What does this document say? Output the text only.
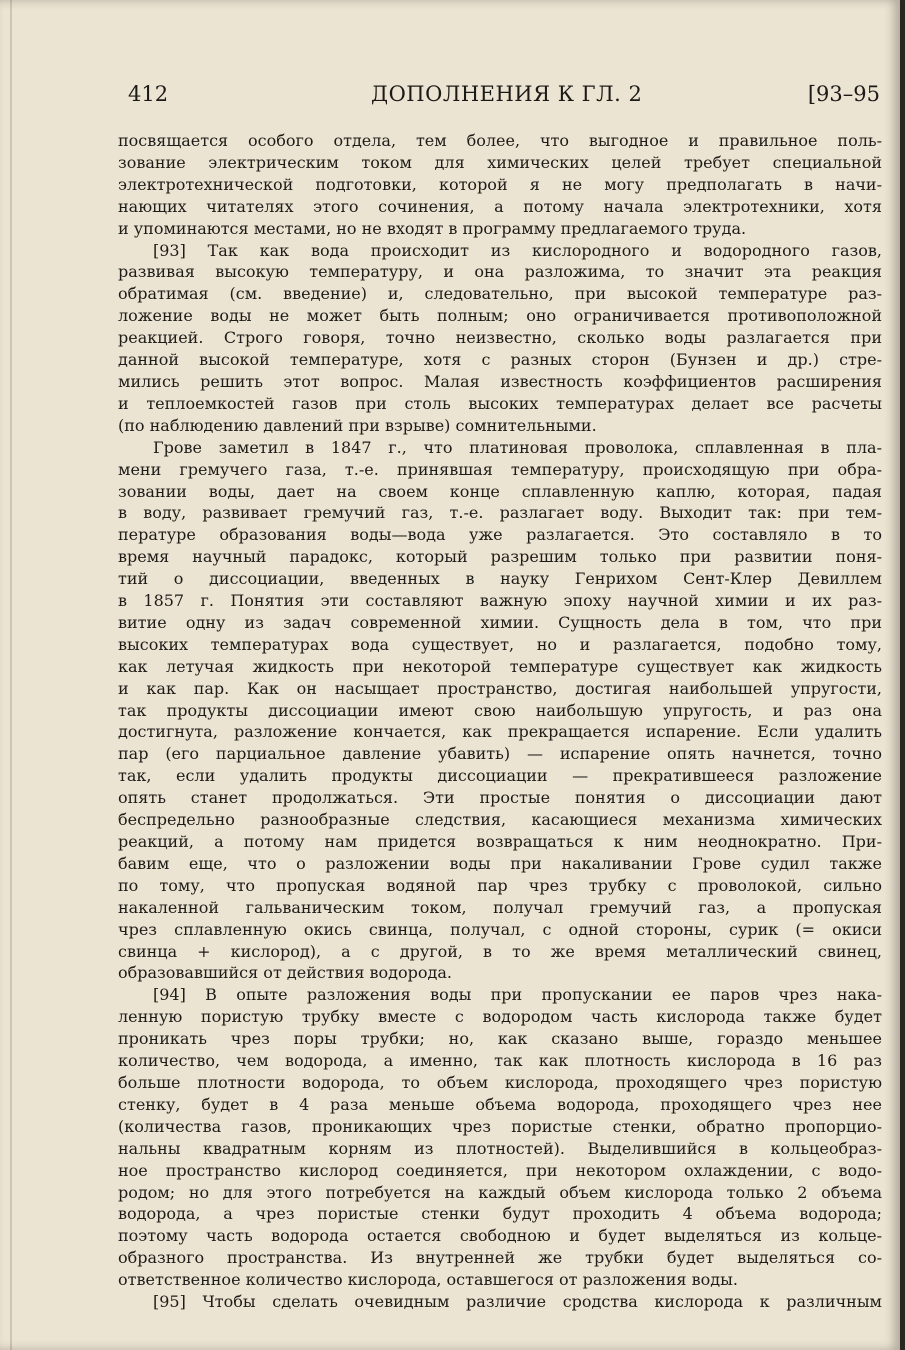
412	ДОПОЛНЕНИЯ К ГЛ. 2	[93–95

посвящается особого отдела, тем более, что выгодное и правильное поль-
зование электрическим током для химических целей требует специальной
электротехнической подготовки, которой я не могу предполагать в начи-
нающих читателях этого сочинения, а потому начала электротехники, хотя
и упоминаются местами, но не входят в программу предлагаемого труда.

[93] Так как вода происходит из кислородного и водородного газов,
развивая высокую температуру, и она разложима, то значит эта реакция
обратимая (см. введение) и, следовательно, при высокой температуре раз-
ложение воды не может быть полным; оно ограничивается противоположной
реакцией. Строго говоря, точно неизвестно, сколько воды разлагается при
данной высокой температуре, хотя с разных сторон (Бунзен и др.) стре-
мились решить этот вопрос. Малая известность коэффициентов расширения
и теплоемкостей газов при столь высоких температурах делает все расчеты
(по наблюдению давлений при взрыве) сомнительными.

Грове заметил в 1847 г., что платиновая проволока, сплавленная в пла-
мени гремучего газа, т.-е. принявшая температуру, происходящую при обра-
зовании воды, дает на своем конце сплавленную каплю, которая, падая
в воду, развивает гремучий газ, т.-е. разлагает воду. Выходит так: при тем-
пературе образования воды—вода уже разлагается. Это составляло в то
время научный парадокс, который разрешим только при развитии поня-
тий о диссоциации, введенных в науку Генрихом Сент-Клер Девиллем
в 1857 г. Понятия эти составляют важную эпоху научной химии и их раз-
витие одну из задач современной химии. Сущность дела в том, что при
высоких температурах вода существует, но и разлагается, подобно тому,
как летучая жидкость при некоторой температуре существует как жидкость
и как пар. Как он насыщает пространство, достигая наибольшей упругости,
так продукты диссоциации имеют свою наибольшую упругость, и раз она
достигнута, разложение кончается, как прекращается испарение. Если удалить
пар (его парциальное давление убавить) — испарение опять начнется, точно
так, если удалить продукты диссоциации — прекратившееся разложение
опять станет продолжаться. Эти простые понятия о диссоциации дают
беспредельно разнообразные следствия, касающиеся механизма химических
реакций, а потому нам придется возвращаться к ним неоднократно. При-
бавим еще, что о разложении воды при накаливании Грове судил также
по тому, что пропуская водяной пар чрез трубку с проволокой, сильно
накаленной гальваническим током, получал гремучий газ, а пропуская
чрез сплавленную окись свинца, получал, с одной стороны, сурик (= окиси
свинца + кислород), а с другой, в то же время металлический свинец,
образовавшийся от действия водорода.

[94] В опыте разложения воды при пропускании ее паров чрез нака-
ленную пористую трубку вместе с водородом часть кислорода также будет
проникать чрез поры трубки; но, как сказано выше, гораздо меньшее
количество, чем водорода, а именно, так как плотность кислорода в 16 раз
больше плотности водорода, то объем кислорода, проходящего чрез пористую
стенку, будет в 4 раза меньше объема водорода, проходящего чрез нее
(количества газов, проникающих чрез пористые стенки, обратно пропорцио-
нальны квадратным корням из плотностей). Выделившийся в кольцеобраз-
ное пространство кислород соединяется, при некотором охлаждении, с водо-
родом; но для этого потребуется на каждый объем кислорода только 2 объема
водорода, а чрез пористые стенки будут проходить 4 объема водорода;
поэтому часть водорода остается свободною и будет выделяться из кольце-
образного пространства. Из внутренней же трубки будет выделяться со-
ответственное количество кислорода, оставшегося от разложения воды.

[95] Чтобы сделать очевидным различие сродства кислорода к различным
